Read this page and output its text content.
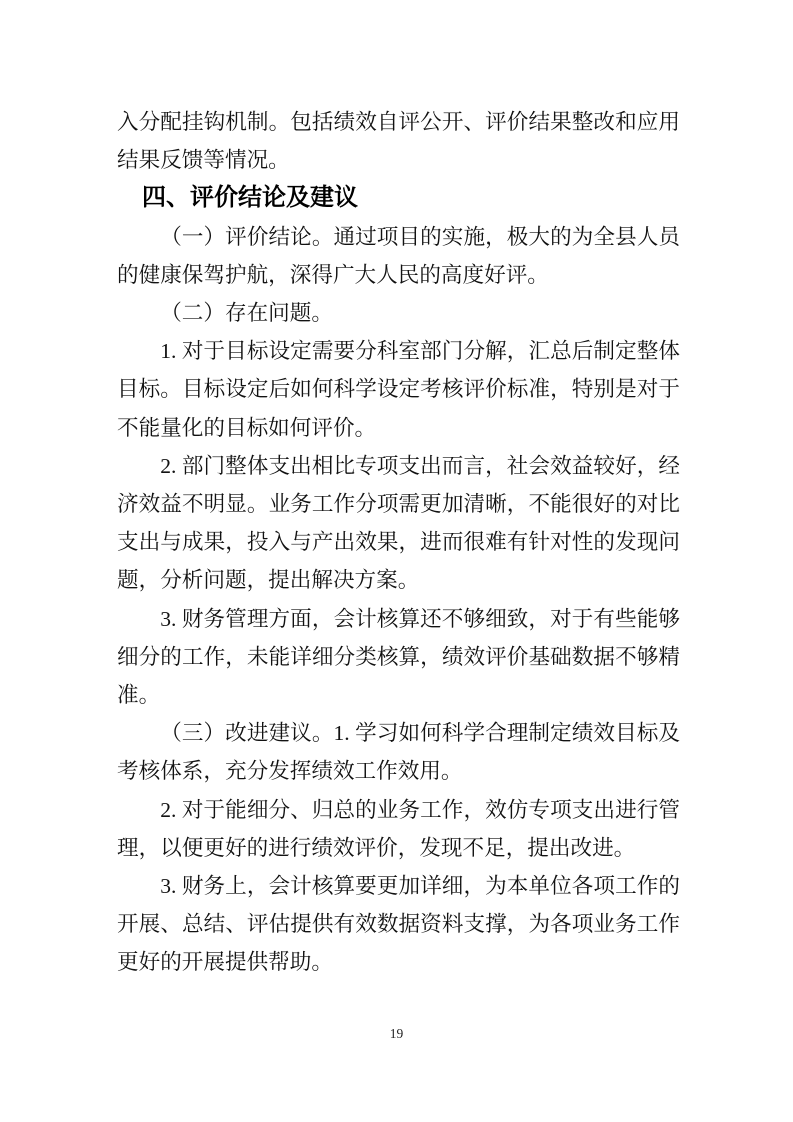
入分配挂钩机制。包括绩效自评公开、评价结果整改和应用结果反馈等情况。

四、评价结论及建议

（一）评价结论。通过项目的实施，极大的为全县人员的健康保驾护航，深得广大人民的高度好评。

（二）存在问题。

1. 对于目标设定需要分科室部门分解，汇总后制定整体目标。目标设定后如何科学设定考核评价标准，特别是对于不能量化的目标如何评价。

2. 部门整体支出相比专项支出而言，社会效益较好，经济效益不明显。业务工作分项需更加清晰，不能很好的对比支出与成果，投入与产出效果，进而很难有针对性的发现问题，分析问题，提出解决方案。

3. 财务管理方面，会计核算还不够细致，对于有些能够细分的工作，未能详细分类核算，绩效评价基础数据不够精准。

（三）改进建议。1. 学习如何科学合理制定绩效目标及考核体系，充分发挥绩效工作效用。

2. 对于能细分、归总的业务工作，效仿专项支出进行管理，以便更好的进行绩效评价，发现不足，提出改进。

3. 财务上，会计核算要更加详细，为本单位各项工作的开展、总结、评估提供有效数据资料支撑，为各项业务工作更好的开展提供帮助。

19
